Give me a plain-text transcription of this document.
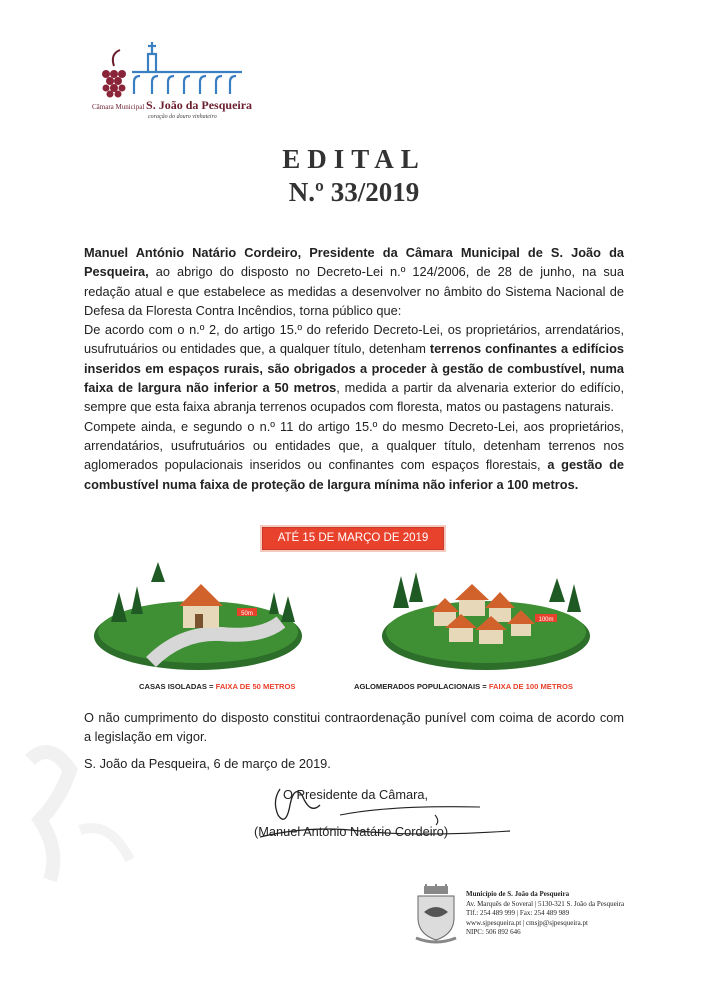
Câmara Municipal S. João da Pesqueira
coração do douro vinhateiro
EDITAL
N.º 33/2019

Manuel António Natário Cordeiro, Presidente da Câmara Municipal de S. João da Pesqueira, ao abrigo do disposto no Decreto-Lei n.º 124/2006, de 28 de junho, na sua redação atual e que estabelece as medidas a desenvolver no âmbito do Sistema Nacional de Defesa da Floresta Contra Incêndios, torna público que:

De acordo com o n.º 2, do artigo 15.º do referido Decreto-Lei, os proprietários, arrendatários, usufrutuários ou entidades que, a qualquer título, detenham terrenos confinantes a edifícios inseridos em espaços rurais, são obrigados a proceder à gestão de combustível, numa faixa de largura não inferior a 50 metros, medida a partir da alvenaria exterior do edifício, sempre que esta faixa abranja terrenos ocupados com floresta, matos ou pastagens naturais.

Compete ainda, e segundo o n.º 11 do artigo 15.º do mesmo Decreto-Lei, aos proprietários, arrendatários, usufrutuários ou entidades que, a qualquer título, detenham terrenos nos aglomerados populacionais inseridos ou confinantes com espaços florestais, a gestão de combustível numa faixa de proteção de largura mínima não inferior a 100 metros.

ATÉ 15 DE MARÇO DE 2019
50m
100m
CASAS ISOLADAS = FAIXA DE 50 METROS	AGLOMERADOS POPULACIONAIS = FAIXA DE 100 METROS
O não cumprimento do disposto constitui contraordenação punível com coima de acordo com a legislação em vigor.
S. João da Pesqueira, 6 de março de 2019.
O Presidente da Câmara,
(Manuel António Natário Cordeiro)
Município de S. João da Pesqueira
Av. Marquês de Soveral | 5130-321 S. João da Pesqueira
Tlf.: 254 489 999 | Fax: 254 489 989
www.sjpesqueira.pt | cmsjp@sjpesqueira.pt
NIPC: 506 892 646
